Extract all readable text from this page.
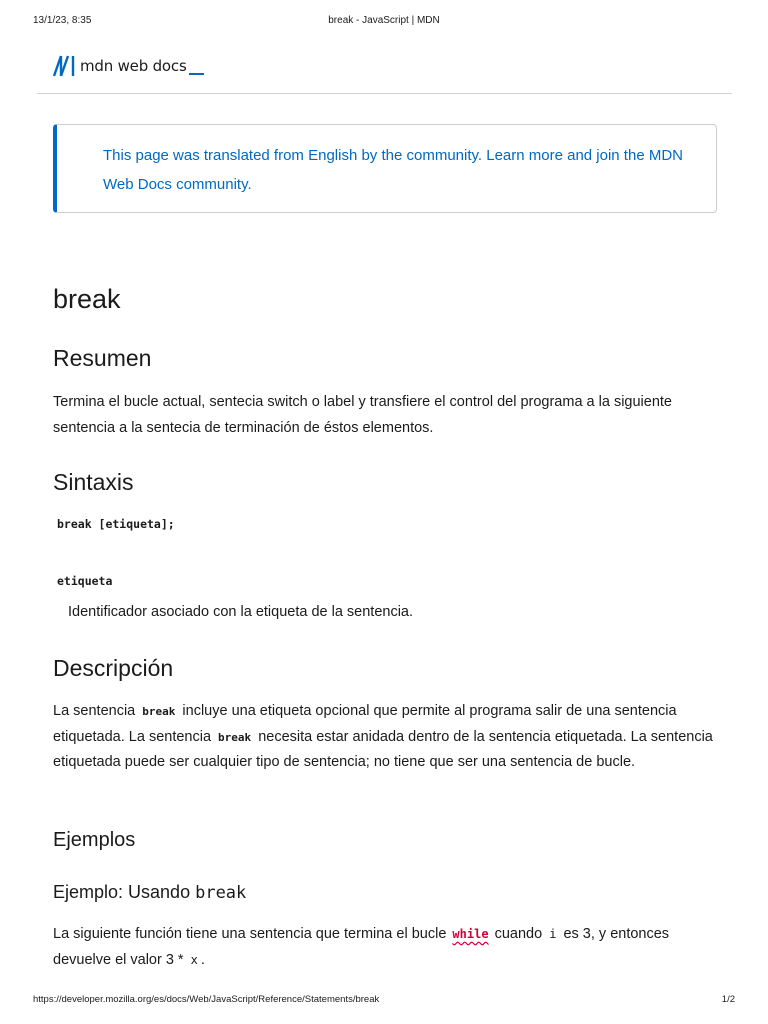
13/1/23, 8:35	break - JavaScript | MDN
mdn web docs

This page was translated from English by the community. Learn more and join the MDN Web Docs community.

break
Resumen

Termina el bucle actual, sentecia switch o label y transfiere el control del programa a la siguiente sentencia a la sentecia de terminación de éstos elementos.

Sintaxis
break [etiqueta];
etiqueta

Identificador asociado con la etiqueta de la sentencia.

Descripción

La sentencia break incluye una etiqueta opcional que permite al programa salir de una sentencia etiquetada. La sentencia break necesita estar anidada dentro de la sentencia etiquetada. La sentencia etiquetada puede ser cualquier tipo de sentencia; no tiene que ser una sentencia de bucle.

Ejemplos
Ejemplo: Usando break

La siguiente función tiene una sentencia que termina el bucle while cuando i es 3, y entonces devuelve el valor 3 * x .

https://developer.mozilla.org/es/docs/Web/JavaScript/Reference/Statements/break	1/2
